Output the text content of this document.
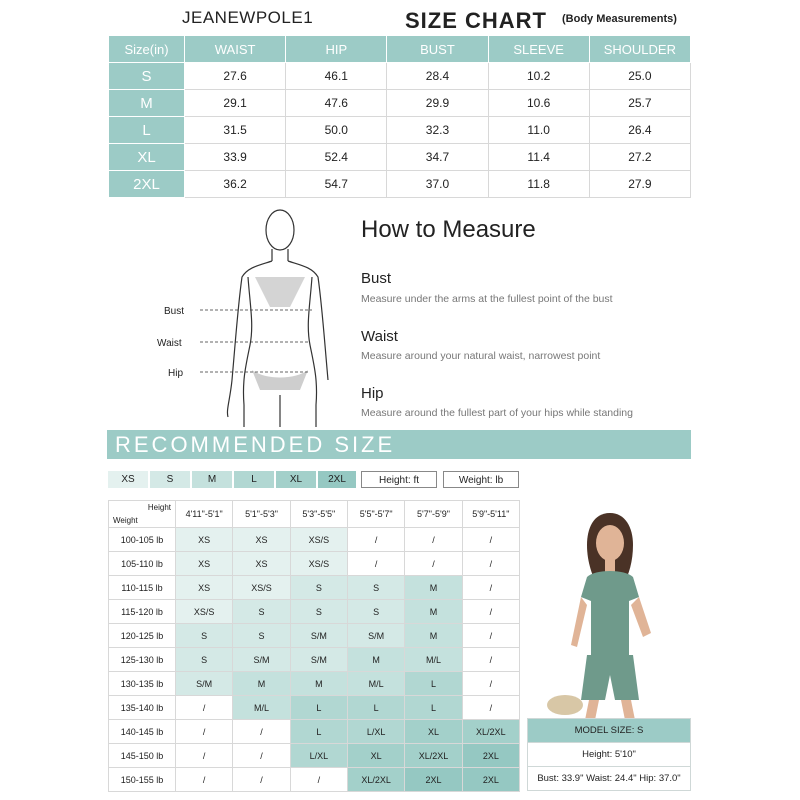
JEANEWPOLE1	SIZE CHART (Body Measurements)
Size(in)	WAIST	HIP	BUST	SLEEVE	SHOULDER
S	27.6	46.1	28.4	10.2	25.0
M	29.1	47.6	29.9	10.6	25.7
L	31.5	50.0	32.3	11.0	26.4
XL	33.9	52.4	34.7	11.4	27.2
2XL	36.2	54.7	37.0	11.8	27.9
Bust
Waist
Hip
How to Measure
Bust
Measure under the arms at the fullest point of the bust
Waist
Measure around your natural waist, narrowest point
Hip
Measure around the fullest part of your hips while standing
RECOMMENDED SIZE
XS	S	M	L	XL	2XL	Height: ft	Weight: lb
Height
Weight	4'11"-5'1"	5'1"-5'3"	5'3"-5'5"	5'5"-5'7"	5'7"-5'9"	5'9"-5'11"
100-105 lb	XS	XS	XS/S	/	/	/
105-110 lb	XS	XS	XS/S	/	/	/
110-115 lb	XS	XS/S	S	S	M	/
115-120 lb	XS/S	S	S	S	M	/
120-125 lb	S	S	S/M	S/M	M	/
125-130 lb	S	S/M	S/M	M	M/L	/
130-135 lb	S/M	M	M	M/L	L	/
135-140 lb	/	M/L	L	L	L	/
140-145 lb	/	/	L	L/XL	XL	XL/2XL
145-150 lb	/	/	L/XL	XL	XL/2XL	2XL
150-155 lb	/	/	/	XL/2XL	2XL	2XL
MODEL SIZE: S
Height: 5'10"
Bust: 33.9" Waist: 24.4" Hip: 37.0"
